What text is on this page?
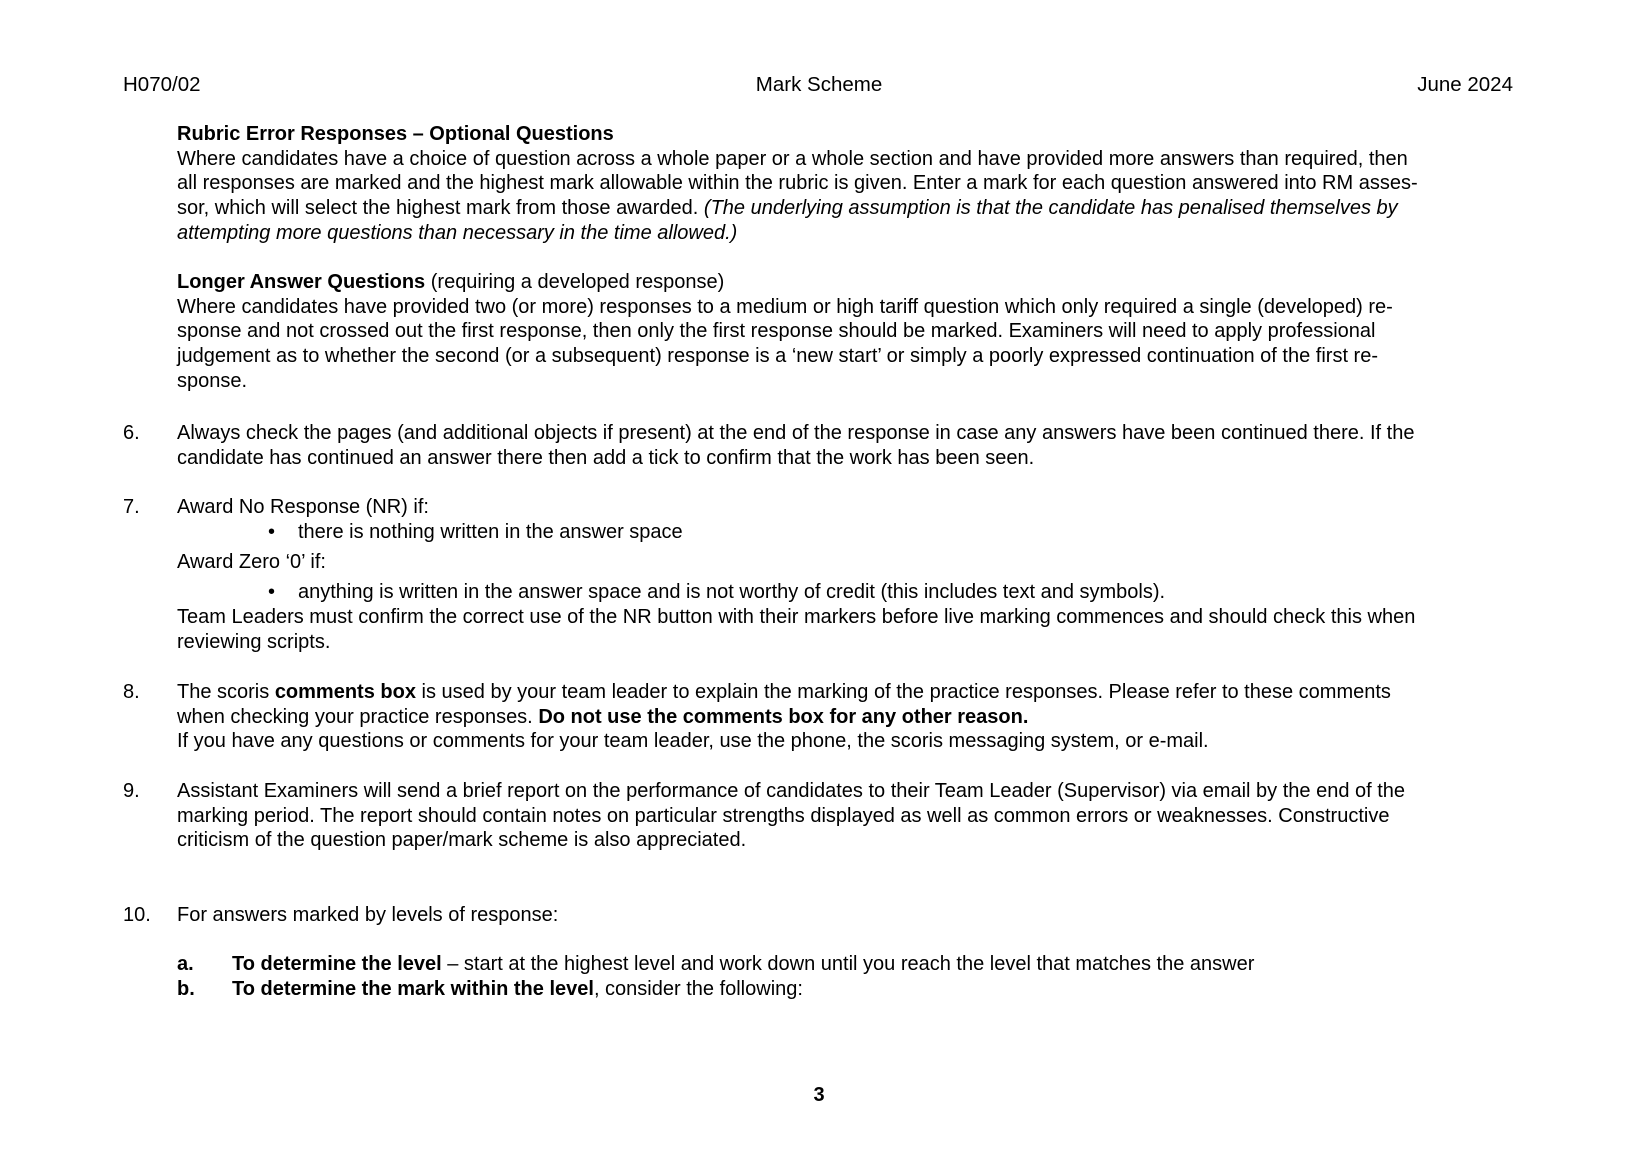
H070/02	Mark Scheme	June 2024
Rubric Error Responses – Optional Questions
Where candidates have a choice of question across a whole paper or a whole section and have provided more answers than required, then
all responses are marked and the highest mark allowable within the rubric is given. Enter a mark for each question answered into RM asses-
sor, which will select the highest mark from those awarded. (The underlying assumption is that the candidate has penalised themselves by
attempting more questions than necessary in the time allowed.)
Longer Answer Questions (requiring a developed response)
Where candidates have provided two (or more) responses to a medium or high tariff question which only required a single (developed) re-
sponse and not crossed out the first response, then only the first response should be marked. Examiners will need to apply professional
judgement as to whether the second (or a subsequent) response is a ‘new start’ or simply a poorly expressed continuation of the first re-
sponse.
6. Always check the pages (and additional objects if present) at the end of the response in case any answers have been continued there. If the
candidate has continued an answer there then add a tick to confirm that the work has been seen.
7. Award No Response (NR) if:
Award Zero ‘0’ if:
Team Leaders must confirm the correct use of the NR button with their markers before live marking commences and should check this when
reviewing scripts.
8. The scoris comments box is used by your team leader to explain the marking of the practice responses. Please refer to these comments
when checking your practice responses. Do not use the comments box for any other reason.
If you have any questions or comments for your team leader, use the phone, the scoris messaging system, or e-mail.
9. Assistant Examiners will send a brief report on the performance of candidates to their Team Leader (Supervisor) via email by the end of the
marking period. The report should contain notes on particular strengths displayed as well as common errors or weaknesses. Constructive
criticism of the question paper/mark scheme is also appreciated.
10. For answers marked by levels of response:
• there is nothing written in the answer space
• anything is written in the answer space and is not worthy of credit (this includes text and symbols).
a. To determine the level – start at the highest level and work down until you reach the level that matches the answer
b. To determine the mark within the level, consider the following:
3
